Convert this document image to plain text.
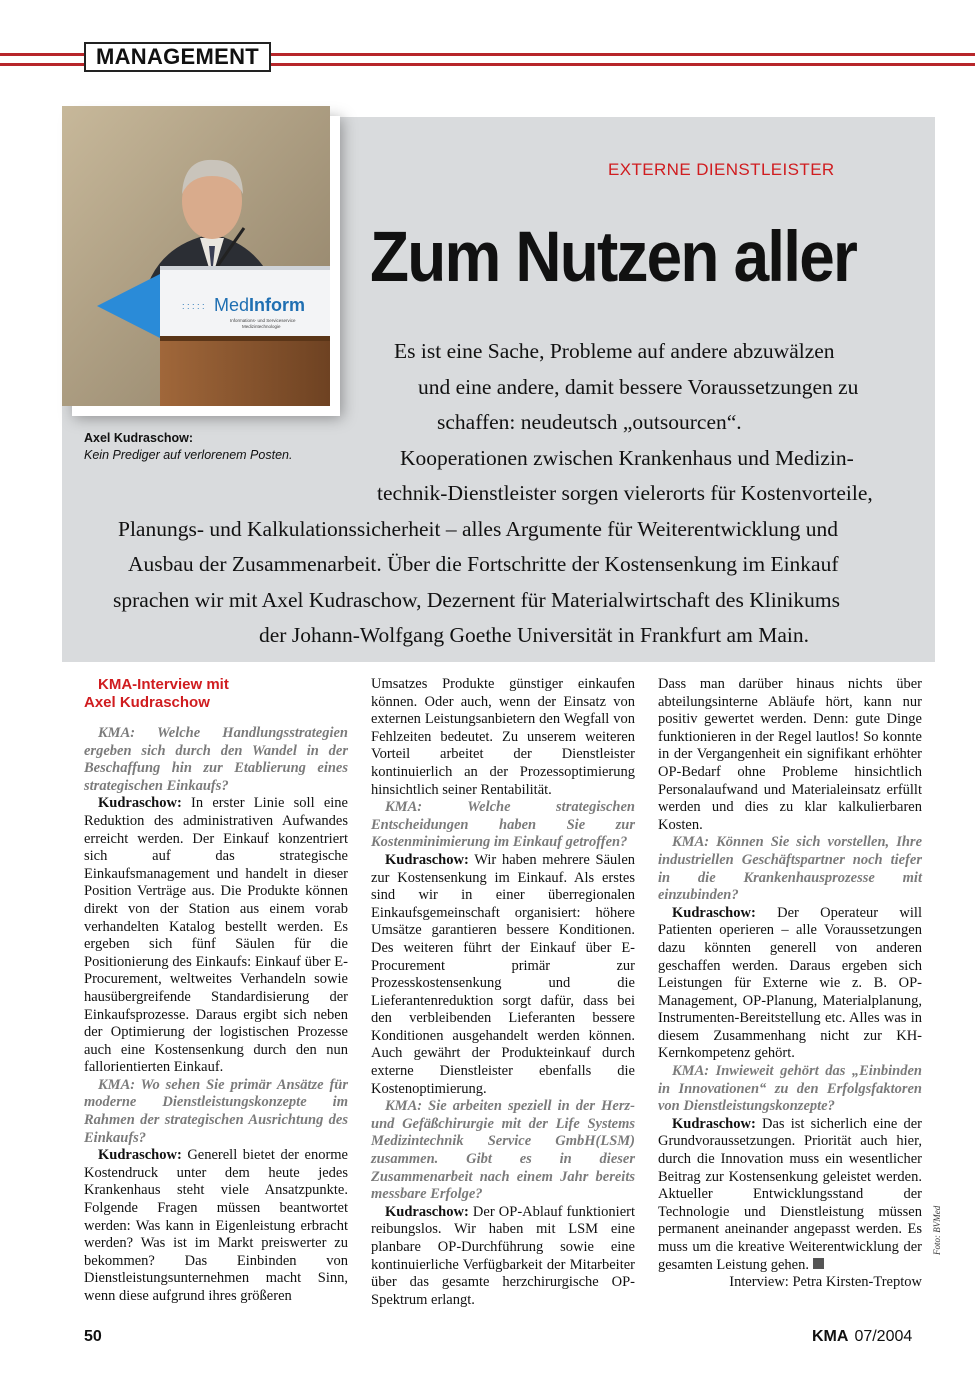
MANAGEMENT
: : : : : Med Inform
Informations- und Serviceservice
Medizintechnologie
Axel Kudraschow:
Kein Prediger auf verlorenem Posten.
EXTERNE DIENSTLEISTER
Zum Nutzen aller
Es ist eine Sache, Probleme auf andere abzuwälzen
und eine andere, damit bessere Voraussetzungen zu
schaffen: neudeutsch „outsourcen“.
Kooperationen zwischen Krankenhaus und Medizin-
technik-Dienstleister sorgen vielerorts für Kostenvorteile,
Planungs- und Kalkulationssicherheit – alles Argumente für Weiterentwicklung und
Ausbau der Zusammenarbeit. Über die Fortschritte der Kostensenkung im Einkauf
sprachen wir mit Axel Kudraschow, Dezernent für Materialwirtschaft des Klinikums
der Johann-Wolfgang Goethe Universität in Frankfurt am Main.
KMA-Interview mit
Axel Kudraschow

KMA: Welche Handlungsstrategien ergeben sich durch den Wandel in der Beschaffung hin zur Etablierung eines strategischen Einkaufs?

Kudraschow: In erster Linie soll eine Reduktion des administrativen Aufwandes erreicht werden. Der Einkauf konzentriert sich auf das strategische Einkaufsmanagement und handelt in dieser Position Verträge aus. Die Produkte können direkt von der Station aus einem vorab verhandelten Katalog bestellt werden. Es ergeben sich fünf Säulen für die Positionierung des Einkaufs: Einkauf über E-Procurement, weltweites Verhandeln sowie hausübergreifende Standardisierung der Einkaufsprozesse. Daraus ergibt sich neben der Optimierung der logistischen Prozesse auch eine Kostensenkung durch den nun fallorientierten Einkauf.

KMA: Wo sehen Sie primär Ansätze für moderne Dienstleistungskonzepte im Rahmen der strategischen Ausrichtung des Einkaufs?

Kudraschow: Generell bietet der enorme Kostendruck unter dem heute jedes Krankenhaus steht viele Ansatzpunkte. Folgende Fragen müssen beantwortet werden: Was kann in Eigenleistung erbracht werden? Was ist im Markt preiswerter zu bekommen? Das Einbinden von Dienstleistungsunternehmen macht Sinn, wenn diese aufgrund ihres größeren

Umsatzes Produkte günstiger einkaufen können. Oder auch, wenn der Einsatz von externen Leistungsanbietern den Wegfall von Fehlzeiten bedeutet. Zu unserem weiteren Vorteil arbeitet der Dienstleister kontinuierlich an der Prozessoptimierung hinsichtlich seiner Rentabilität.

KMA: Welche strategischen Entscheidungen haben Sie zur Kostenminimierung im Einkauf getroffen?

Kudraschow: Wir haben mehrere Säulen zur Kostensenkung im Einkauf. Als erstes sind wir in einer überregionalen Einkaufsgemeinschaft organisiert: höhere Umsätze garantieren bessere Konditionen. Des weiteren führt der Einkauf über E-Procurement primär zur Prozesskostensenkung und die Lieferantenreduktion sorgt dafür, dass bei den verbleibenden Lieferanten bessere Konditionen ausgehandelt werden können. Auch gewährt der Produkteinkauf durch externe Dienstleister ebenfalls die Kostenoptimierung.

KMA: Sie arbeiten speziell in der Herz- und Gefäßchirurgie mit der Life Systems Medizintechnik Service GmbH(LSM) zusammen. Gibt es in dieser Zusammenarbeit nach einem Jahr bereits messbare Erfolge?

Kudraschow: Der OP-Ablauf funktioniert reibungslos. Wir haben mit LSM eine planbare OP-Durchführung sowie eine kontinuierliche Verfügbarkeit der Mitarbeiter über das gesamte herzchirurgische OP-Spektrum erlangt.

Dass man darüber hinaus nichts über abteilungsinterne Abläufe hört, kann nur positiv gewertet werden. Denn: gute Dinge funktionieren in der Regel lautlos! So konnte in der Vergangenheit ein signifikant erhöhter OP-Bedarf ohne Probleme hinsichtlich Personalaufwand und Materialeinsatz erfüllt werden und dies zu klar kalkulierbaren Kosten.

KMA: Können Sie sich vorstellen, Ihre industriellen Geschäftspartner noch tiefer in die Krankenhausprozesse mit einzubinden?

Kudraschow: Der Operateur will Patienten operieren – alle Voraussetzungen dazu könnten generell von anderen geschaffen werden. Daraus ergeben sich Leistungen für Externe wie z. B. OP-Management, OP-Planung, Materialplanung, Instrumenten-Bereitstellung etc. Alles was in diesem Zusammenhang nicht zur KH-Kernkompetenz gehört.

KMA: Inwieweit gehört das „Einbinden in Innovationen“ zu den Erfolgsfaktoren von Dienstleistungskonzepte?

Kudraschow: Das ist sicherlich eine der Grundvoraussetzungen. Priorität auch hier, durch die Innovation muss ein wesentlicher Beitrag zur Kostensenkung geleistet werden. Aktueller Entwicklungsstand der Technologie und Dienstleistung müssen permanent aneinander angepasst werden. Es muss um die kreative Weiterentwicklung der gesamten Leistung gehen.

Interview: Petra Kirsten-Treptow

Foto: BVMed
50	KMA 07/2004
